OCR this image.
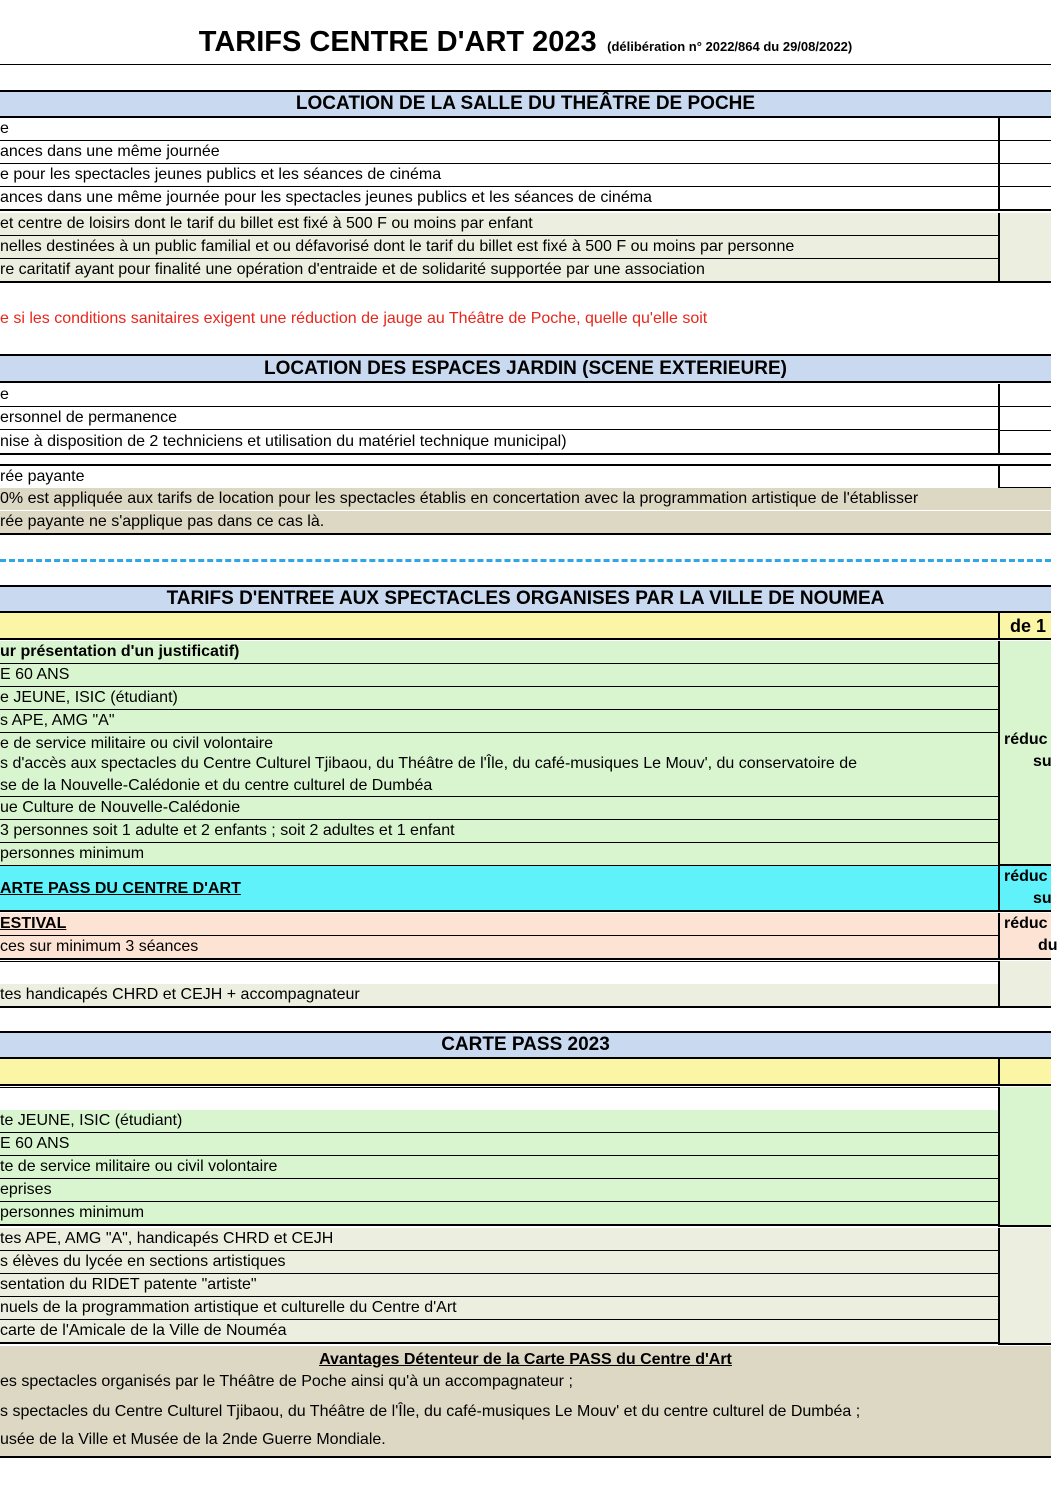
TARIFS CENTRE D'ART 2023 (délibération n° 2022/864 du 29/08/2022)
LOCATION DE LA SALLE DU THEÂTRE DE POCHE
e
ances dans une même journée
e pour les spectacles jeunes publics et les séances de cinéma
ances dans une même journée pour les spectacles jeunes publics et les séances de cinéma
et centre de loisirs dont le tarif du billet est fixé à 500 F ou moins par enfant
nelles destinées à un public familial et ou défavorisé dont le tarif du billet est fixé à 500 F ou moins par personne
re caritatif ayant pour finalité une opération d'entraide et de solidarité supportée par une association
e si les conditions sanitaires exigent une réduction de jauge au Théâtre de Poche, quelle qu'elle soit
LOCATION DES ESPACES JARDIN (SCENE EXTERIEURE)
e
ersonnel de permanence
nise à disposition de 2 techniciens et utilisation du matériel technique municipal)
rée payante
0% est appliquée aux tarifs de location pour les spectacles établis en concertation avec la programmation artistique de l'établisser
rée payante ne s'applique pas dans ce cas là.
TARIFS D'ENTREE AUX SPECTACLES ORGANISES PAR LA VILLE DE NOUMEA
de 1
ur présentation d'un justificatif)
E 60 ANS
e JEUNE, ISIC (étudiant)
s APE, AMG "A"
e de service militaire ou civil volontaire
s d'accès aux spectacles du Centre Culturel Tjibaou, du Théâtre de l'Île, du café-musiques Le Mouv', du conservatoire de
se de la Nouvelle-Calédonie et du centre culturel de Dumbéa
ue Culture de Nouvelle-Calédonie
3 personnes soit 1 adulte et 2 enfants ; soit 2 adultes et 1 enfant
personnes minimum
réduc
su
ARTE PASS DU CENTRE D'ART
réduc
su
ESTIVAL
ces sur minimum 3 séances
réduc
du
tes handicapés CHRD et CEJH + accompagnateur
CARTE PASS 2023
te JEUNE, ISIC (étudiant)
E 60 ANS
te de service militaire ou civil volontaire
eprises
personnes minimum
tes APE, AMG "A", handicapés CHRD et CEJH
s élèves du lycée en sections artistiques
sentation du RIDET patente "artiste"
nuels de la programmation artistique et culturelle du Centre d'Art
carte de l'Amicale de la Ville de Nouméa
Avantages Détenteur de la Carte PASS du Centre d'Art
es spectacles organisés par le Théâtre de Poche ainsi qu'à un accompagnateur ;
s spectacles du Centre Culturel Tjibaou, du Théâtre de l'Île, du café-musiques Le Mouv' et du centre culturel de Dumbéa ;
usée de la Ville et Musée de la 2nde Guerre Mondiale.
